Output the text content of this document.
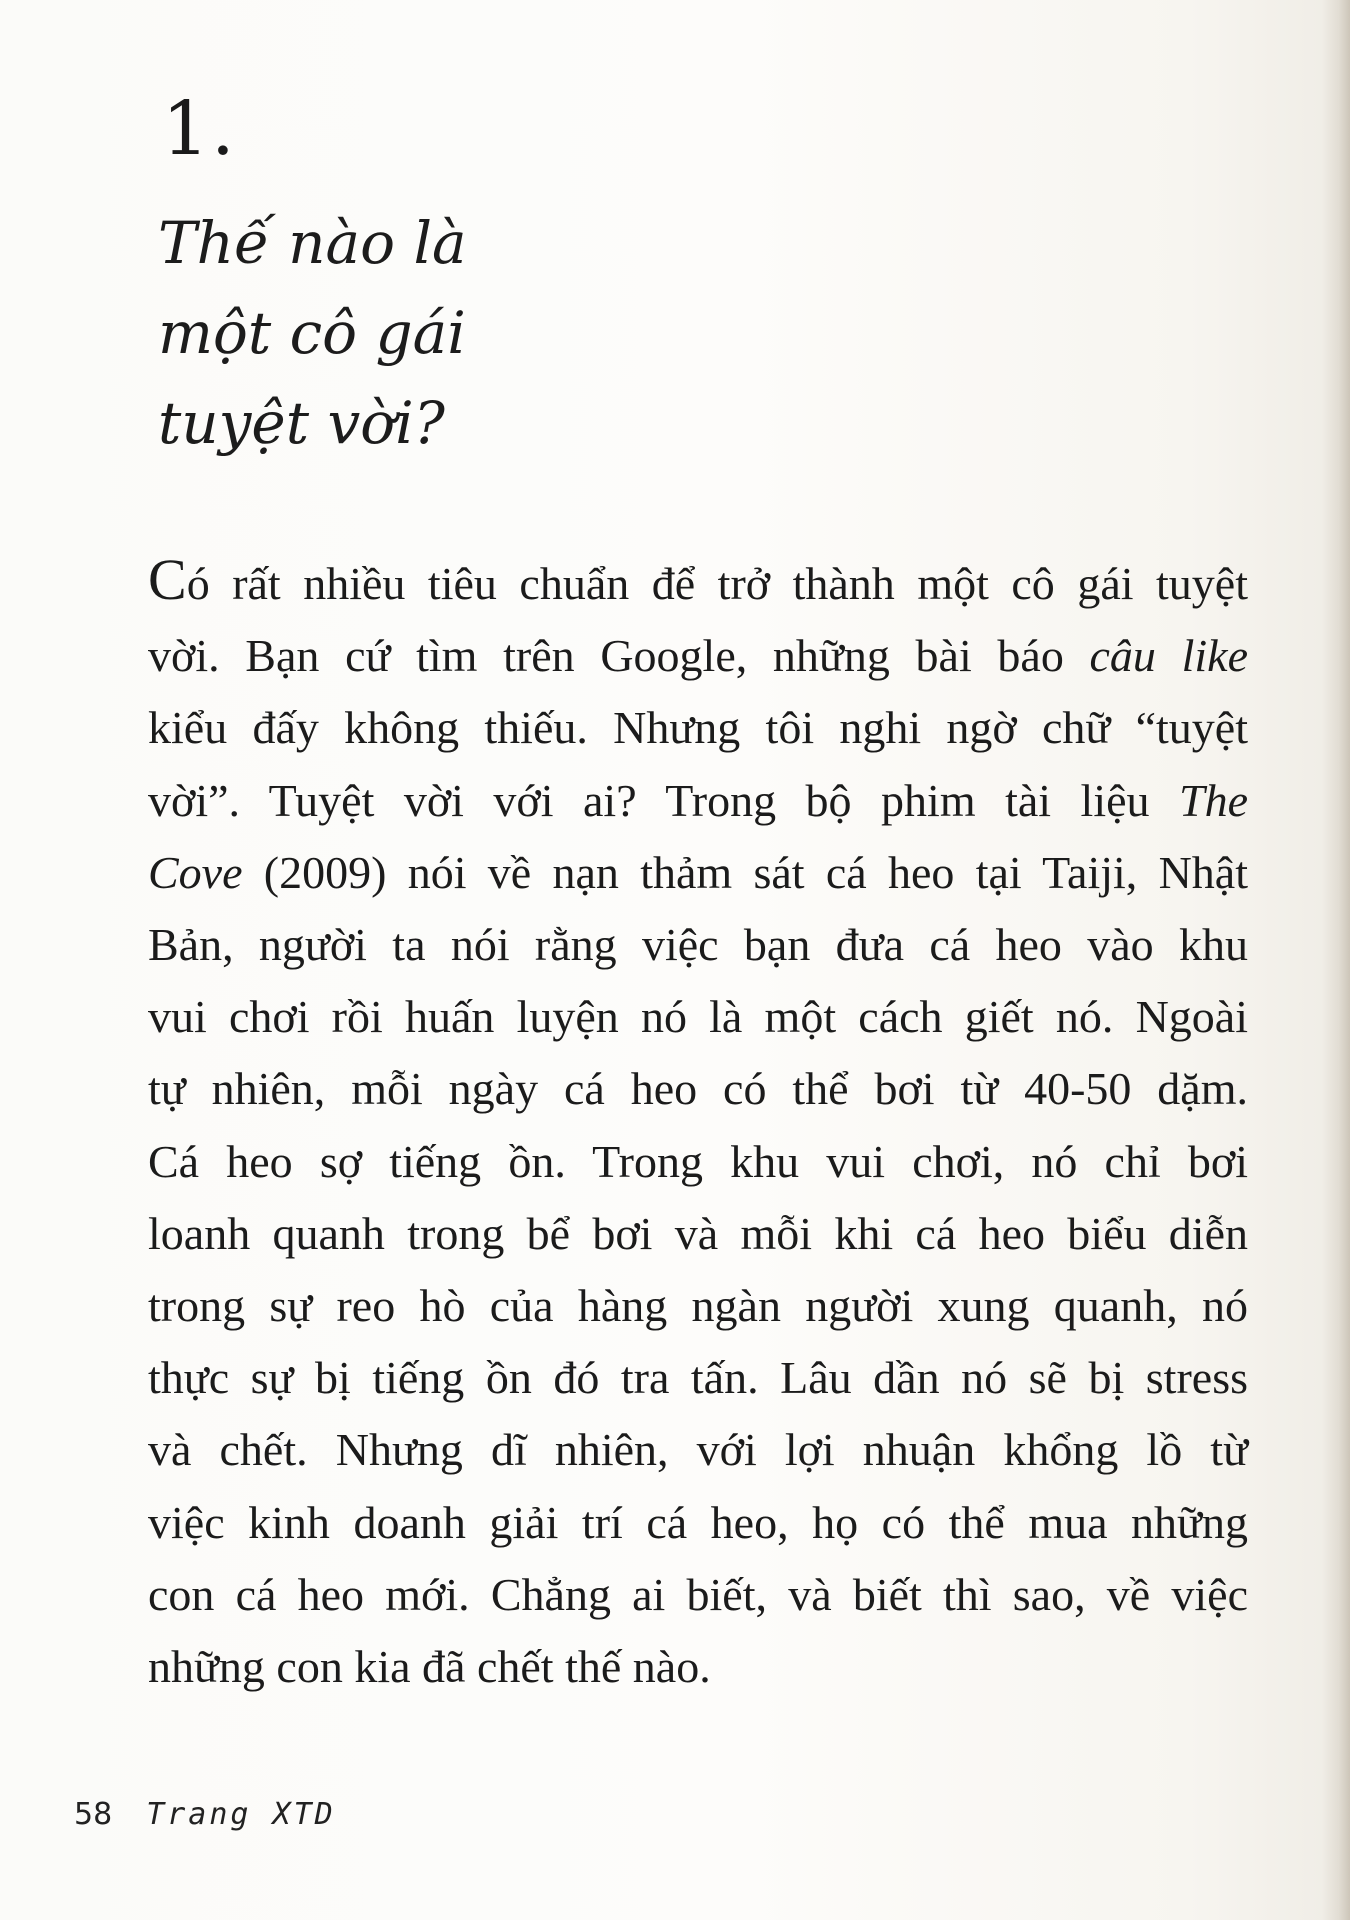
1.
Thế nào là
một cô gái
tuyệt vời?

Có rất nhiều tiêu chuẩn để trở thành một cô gái tuyệt
vời. Bạn cứ tìm trên Google, những bài báo câu like
kiểu đấy không thiếu. Nhưng tôi nghi ngờ chữ “tuyệt
vời”. Tuyệt vời với ai? Trong bộ phim tài liệu The
Cove (2009) nói về nạn thảm sát cá heo tại Taiji, Nhật
Bản, người ta nói rằng việc bạn đưa cá heo vào khu
vui chơi rồi huấn luyện nó là một cách giết nó. Ngoài
tự nhiên, mỗi ngày cá heo có thể bơi từ 40-50 dặm.
Cá heo sợ tiếng ồn. Trong khu vui chơi, nó chỉ bơi
loanh quanh trong bể bơi và mỗi khi cá heo biểu diễn
trong sự reo hò của hàng ngàn người xung quanh, nó
thực sự bị tiếng ồn đó tra tấn. Lâu dần nó sẽ bị stress
và chết. Nhưng dĩ nhiên, với lợi nhuận khổng lồ từ
việc kinh doanh giải trí cá heo, họ có thể mua những
con cá heo mới. Chẳng ai biết, và biết thì sao, về việc
những con kia đã chết thế nào.

58 Trang XTD
